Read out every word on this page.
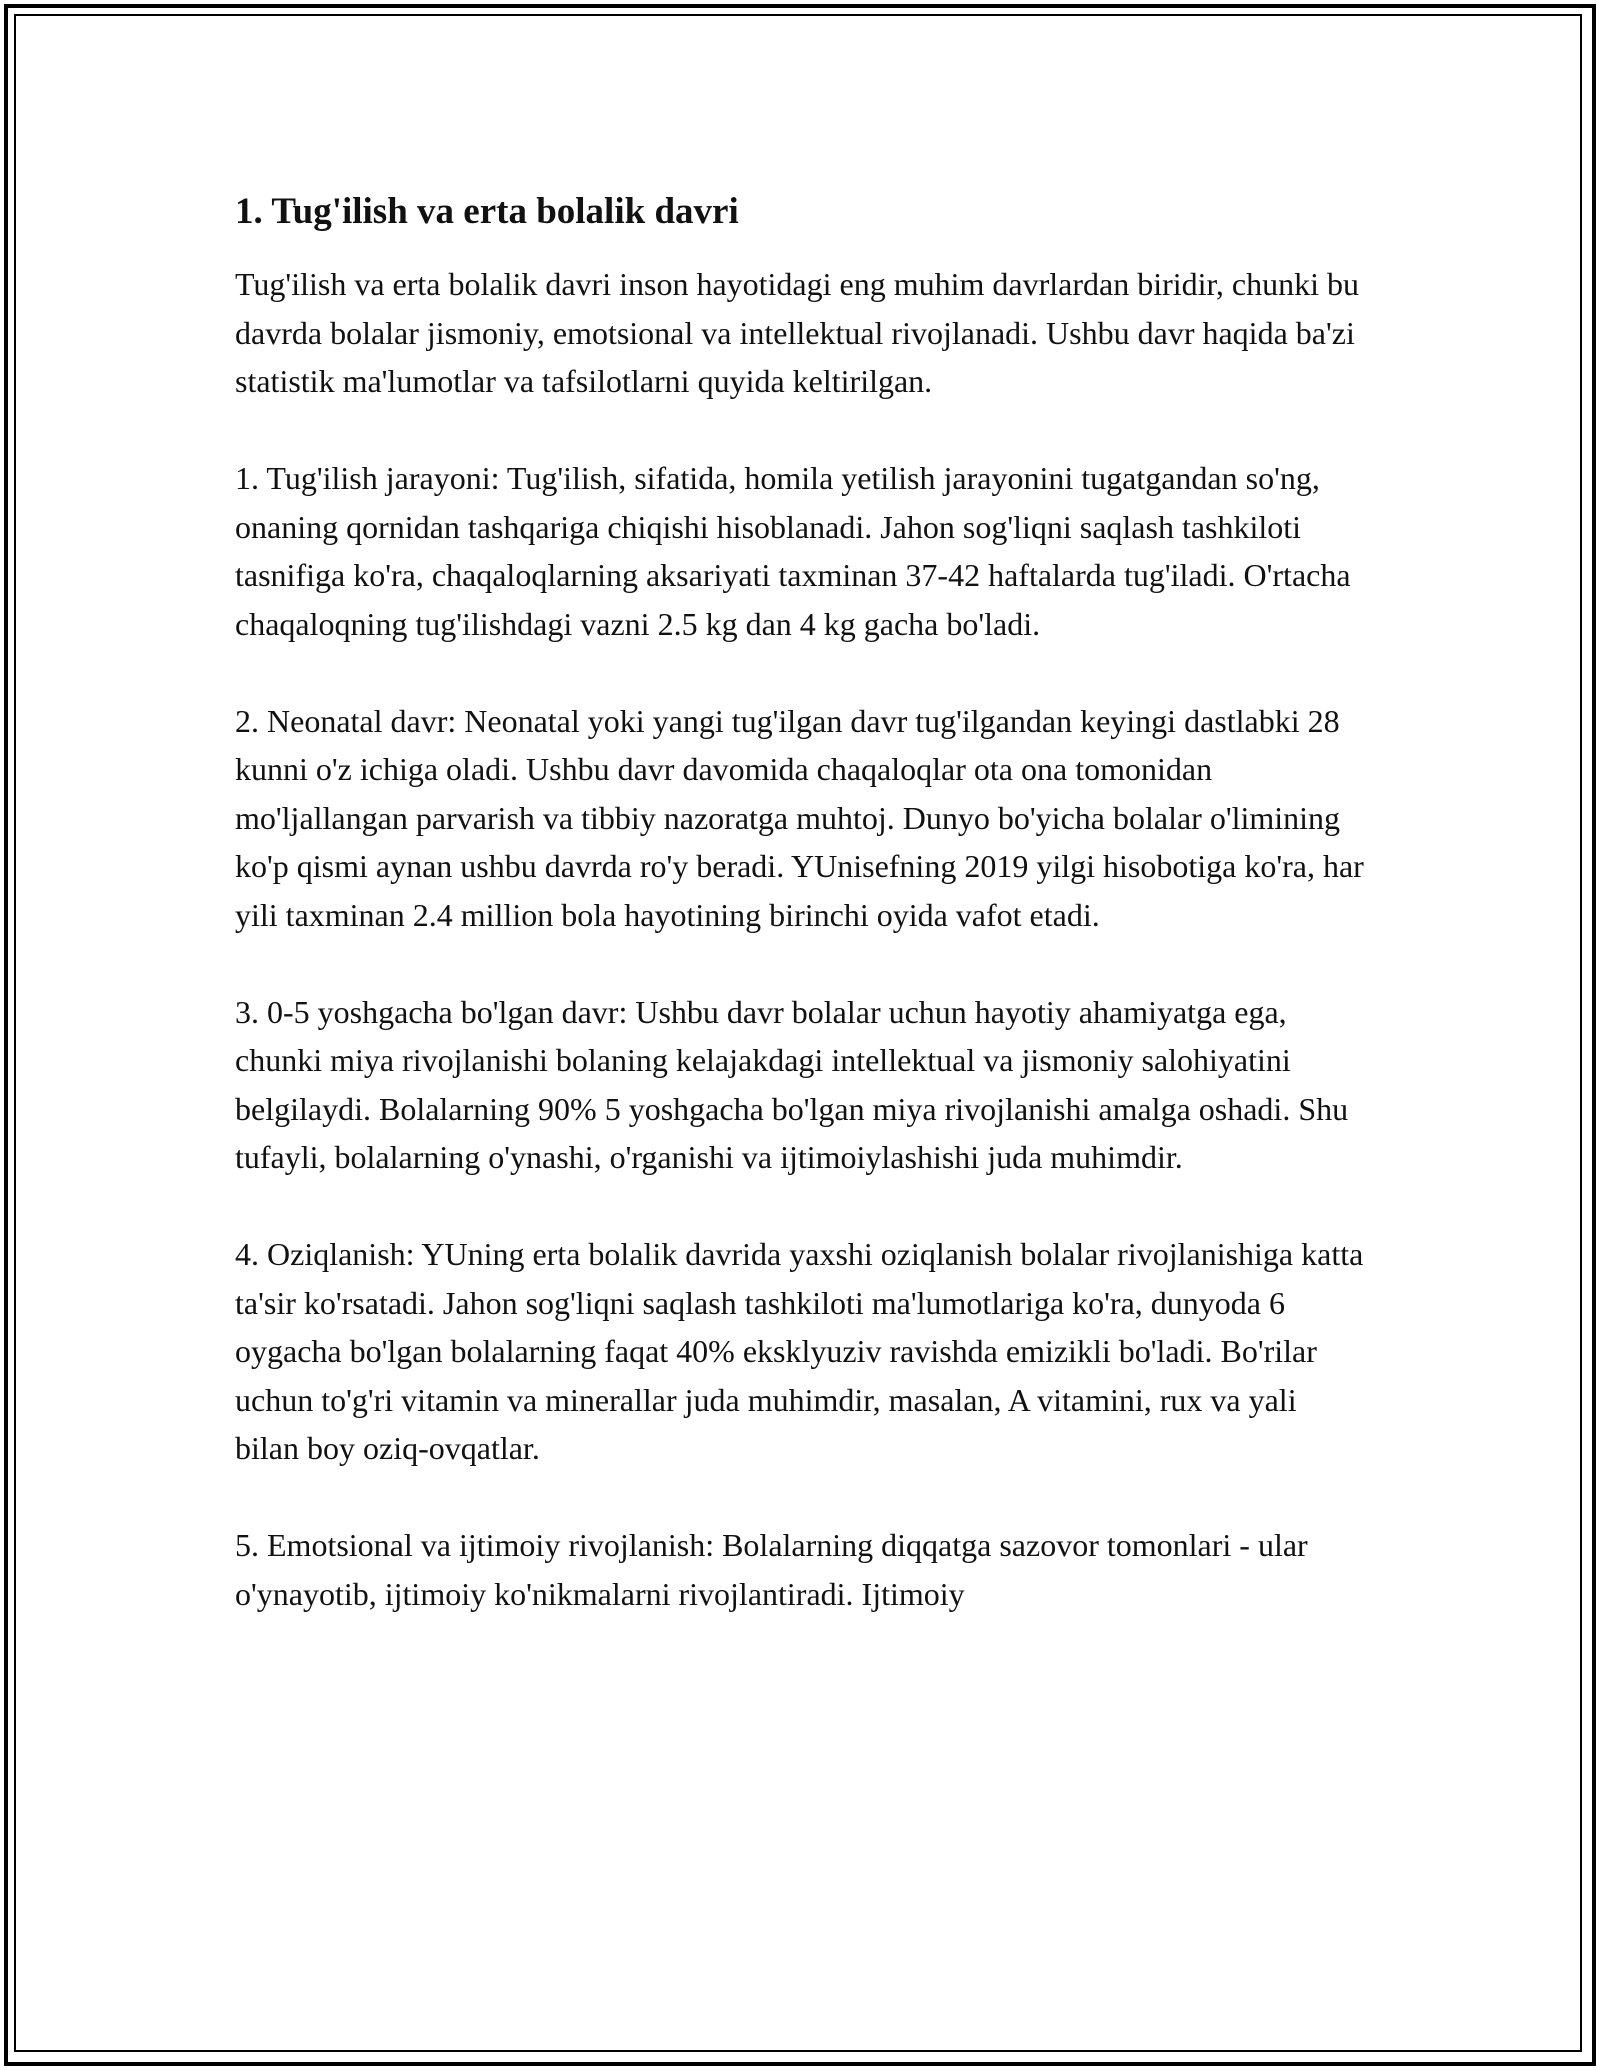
1. Tug'ilish va erta bolalik davri

Tug'ilish va erta bolalik davri inson hayotidagi eng muhim davrlardan biridir, chunki bu davrda bolalar jismoniy, emotsional va intellektual rivojlanadi. Ushbu davr haqida ba'zi statistik ma'lumotlar va tafsilotlarni quyida keltirilgan.

1. Tug'ilish jarayoni: Tug'ilish, sifatida, homila yetilish jarayonini tugatgandan so'ng, onaning qornidan tashqariga chiqishi hisoblanadi. Jahon sog'liqni saqlash tashkiloti tasnifiga ko'ra, chaqaloqlarning aksariyati taxminan 37-42 haftalarda tug'iladi. O'rtacha chaqaloqning tug'ilishdagi vazni 2.5 kg dan 4 kg gacha bo'ladi.

2. Neonatal davr: Neonatal yoki yangi tug'ilgan davr tug'ilgandan keyingi dastlabki 28 kunni o'z ichiga oladi. Ushbu davr davomida chaqaloqlar ota ona tomonidan mo'ljallangan parvarish va tibbiy nazoratga muhtoj. Dunyo bo'yicha bolalar o'limining ko'p qismi aynan ushbu davrda ro'y beradi. YUnisefning 2019 yilgi hisobotiga ko'ra, har yili taxminan 2.4 million bola hayotining birinchi oyida vafot etadi.

3. 0-5 yoshgacha bo'lgan davr: Ushbu davr bolalar uchun hayotiy ahamiyatga ega, chunki miya rivojlanishi bolaning kelajakdagi intellektual va jismoniy salohiyatini belgilaydi. Bolalarning 90% 5 yoshgacha bo'lgan miya rivojlanishi amalga oshadi. Shu tufayli, bolalarning o'ynashi, o'rganishi va ijtimoiylashishi juda muhimdir.

4. Oziqlanish: YUning erta bolalik davrida yaxshi oziqlanish bolalar rivojlanishiga katta ta'sir ko'rsatadi. Jahon sog'liqni saqlash tashkiloti ma'lumotlariga ko'ra, dunyoda 6 oygacha bo'lgan bolalarning faqat 40% eksklyuziv ravishda emizikli bo'ladi. Bo'rilar uchun to'g'ri vitamin va minerallar juda muhimdir, masalan, A vitamini, rux va yali bilan boy oziq-ovqatlar.

5. Emotsional va ijtimoiy rivojlanish: Bolalarning diqqatga sazovor tomonlari - ular o'ynayotib, ijtimoiy ko'nikmalarni rivojlantiradi. Ijtimoiy
